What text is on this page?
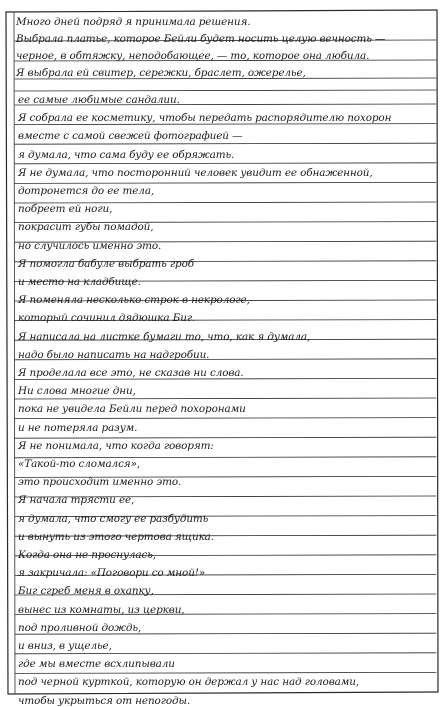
Много дней подряд я принимала решения.
Выбрала платье, которое Бейли будет носить целую вечность —
черное, в обтяжку, неподобающее, — то, которое она любила.
Я выбрала ей свитер, сережки, браслет, ожерелье,
ее самые любимые сандалии.
Я собрала ее косметику, чтобы передать распорядителю похорон
вместе с самой свежей фотографией —
я думала, что сама буду ее обряжать.
Я не думала, что посторонний человек увидит ее обнаженной,
дотронется до ее тела,
побреет ей ноги,
покрасит губы помадой,
но случилось именно это.
Я помогла бабуле выбрать гроб
и место на кладбище.
Я поменяла несколько строк в некрологе,
который сочинил дядюшка Биг.
Я написала на листке бумаги то, что, как я думала,
надо было написать на надгробии.
Я проделала все это, не сказав ни слова.
Ни слова многие дни,
пока не увидела Бейли перед похоронами
и не потеряла разум.
Я не понимала, что когда говорят:
«Такой-то сломался»,
это происходит именно это.
Я начала трясти ее,
я думала, что смогу ее разбудить
и вынуть из этого чертова ящика.
Когда она не проснулась,
я закричала: «Поговори со мной!»
Биг сгреб меня в охапку,
вынес из комнаты, из церкви,
под проливной дождь,
и вниз, в ущелье,
где мы вместе всхлипывали
под черной курткой, которую он держал у нас над головами,
чтобы укрыться от непогоды.
